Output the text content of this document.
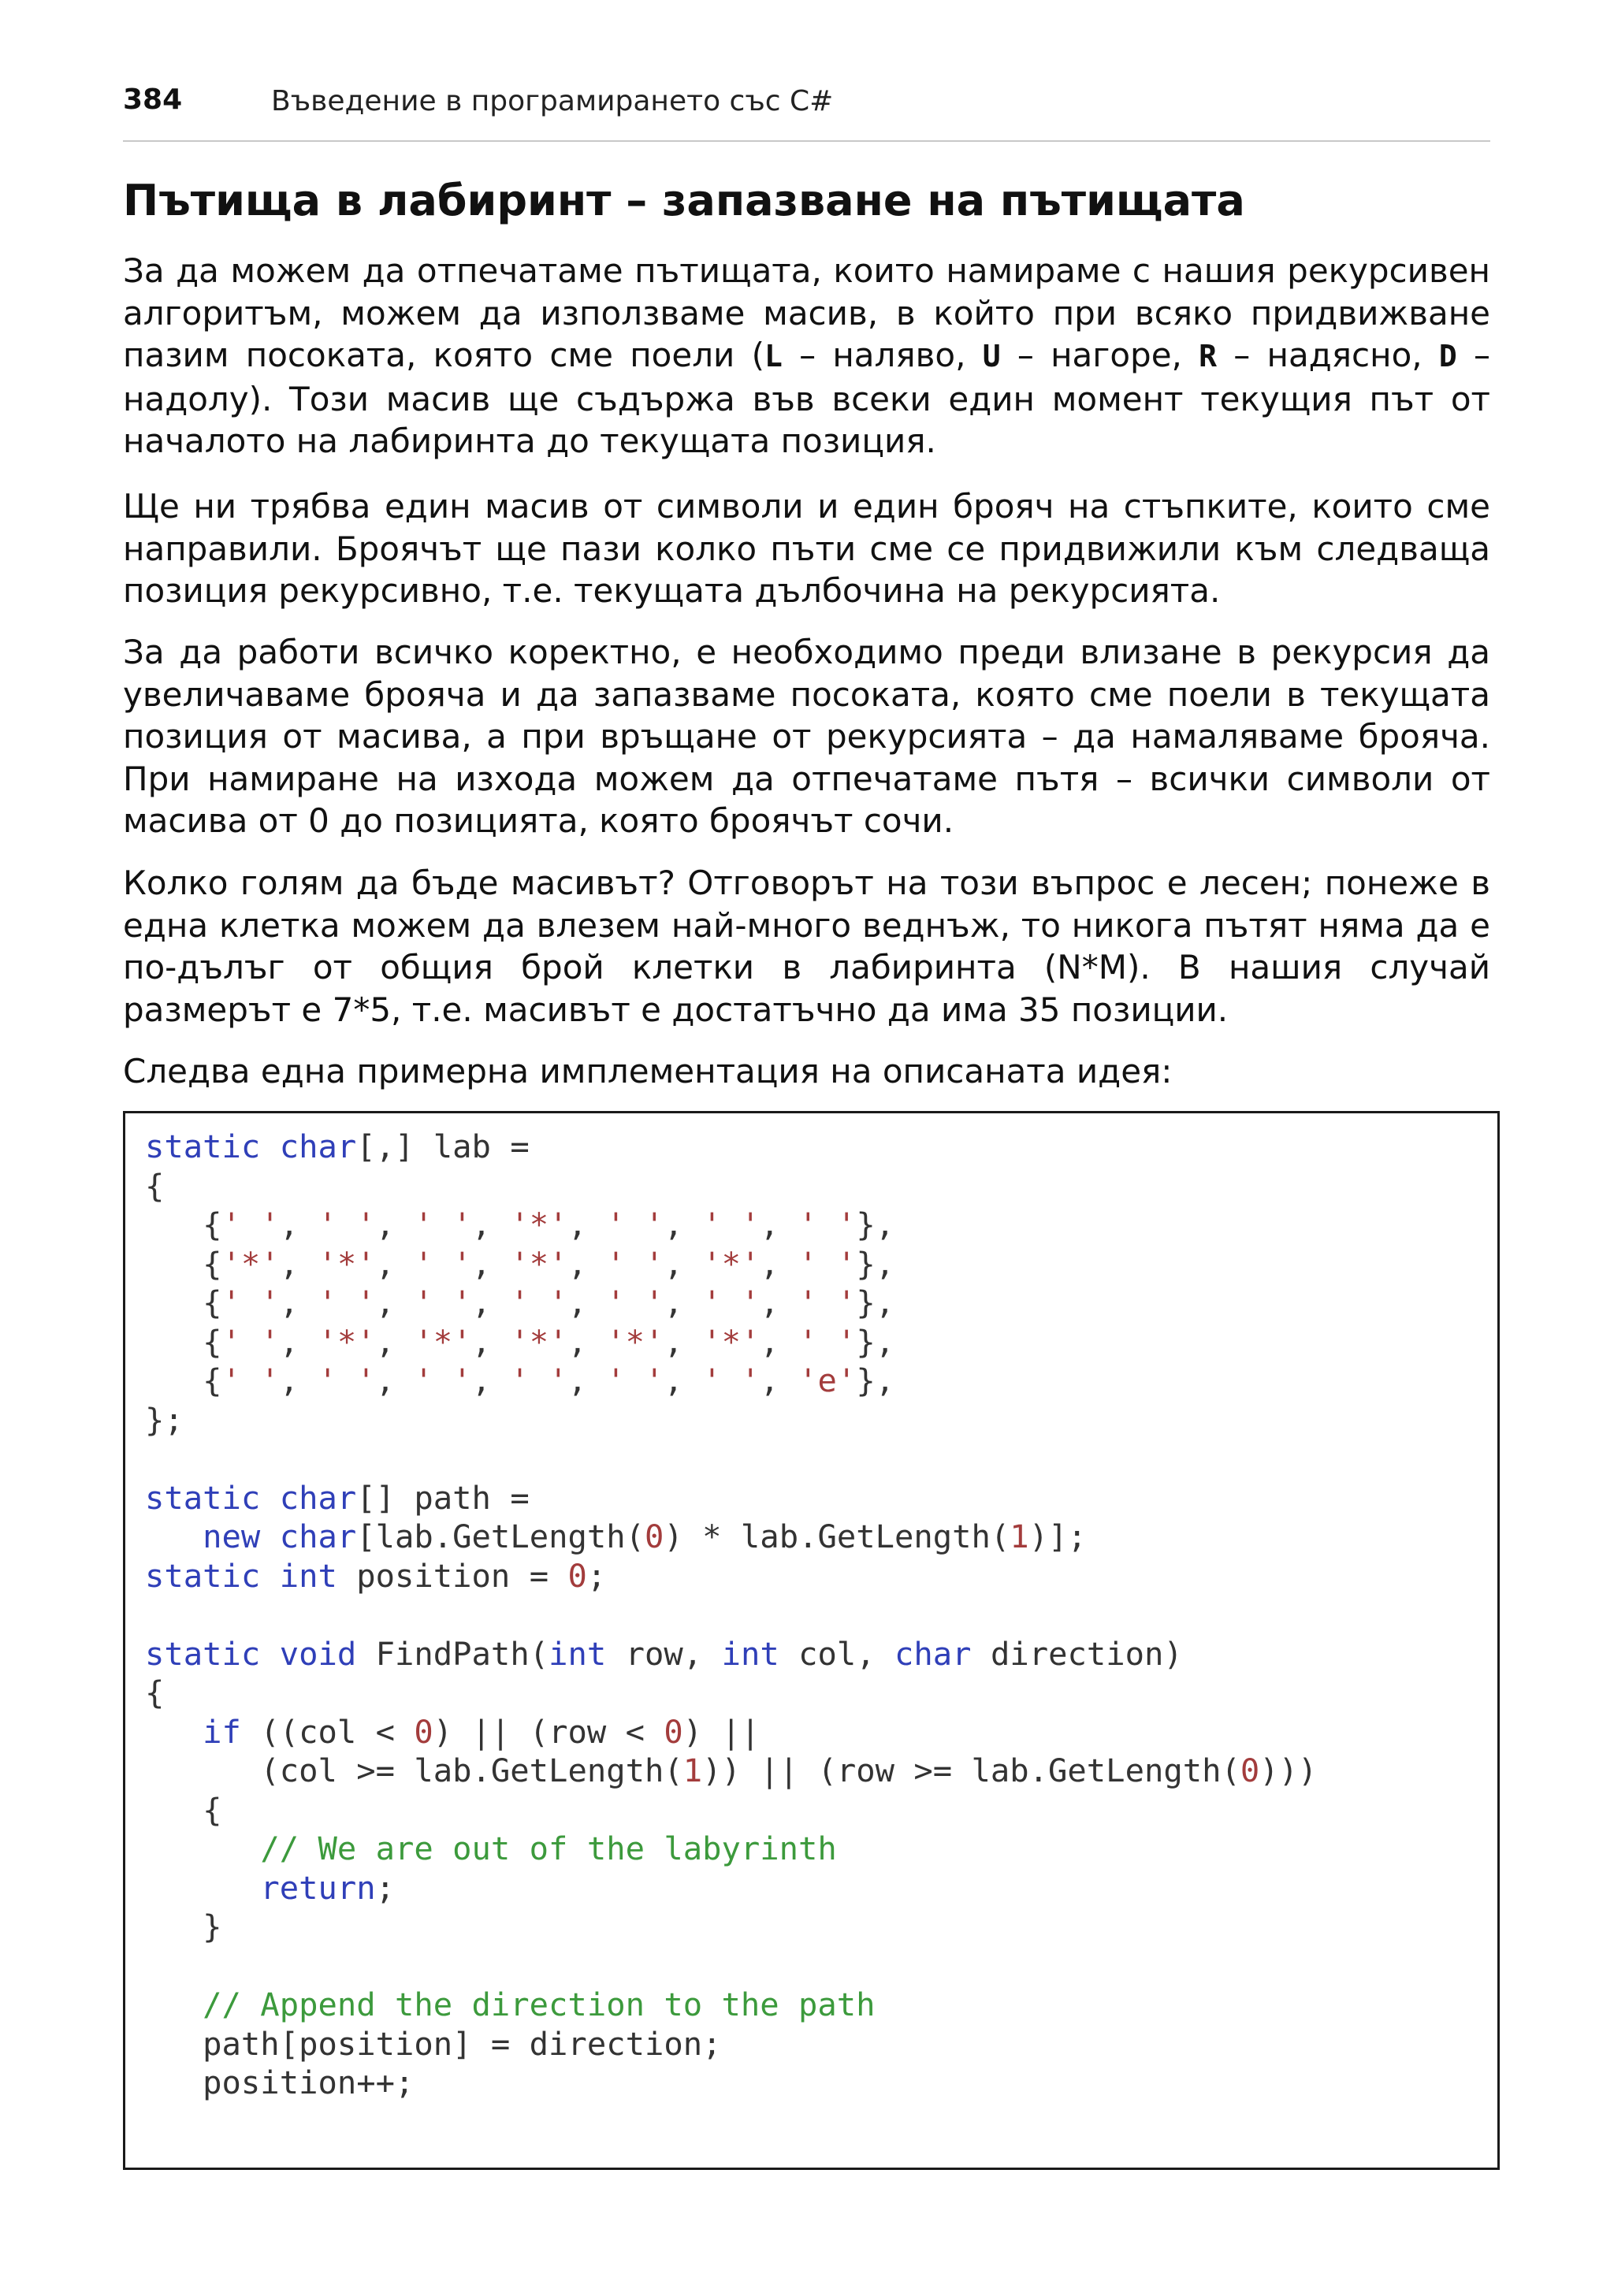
384	Въведение в програмирането със C#
Пътища в лабиринт – запазване на пътищата

За да можем да отпечатаме пътищата, които намираме с нашия рекурсивен алгоритъм, можем да използваме масив, в който при всяко придвижване пазим посоката, която сме поели (L – наляво, U – нагоре, R – надясно, D – надолу). Този масив ще съдържа във всеки един момент текущия път от началото на лабиринта до текущата позиция.

Ще ни трябва един масив от символи и един брояч на стъпките, които сме направили. Броячът ще пази колко пъти сме се придвижили към следваща позиция рекурсивно, т.е. текущата дълбочина на рекурсията.

За да работи всичко коректно, е необходимо преди влизане в рекурсия да увеличаваме брояча и да запазваме посоката, която сме поели в текущата позиция от масива, а при връщане от рекурсията – да намаляваме брояча. При намиране на изхода можем да отпечатаме пътя – всички символи от масива от 0 до позицията, която броячът сочи.

Колко голям да бъде масивът? Отговорът на този въпрос е лесен; понеже в една клетка можем да влезем най-много веднъж, то никога пътят няма да е по-дълъг от общия брой клетки в лабиринта (N*M). В нашия случай размерът е 7*5, т.е. масивът е достатъчно да има 35 позиции.

Следва една примерна имплементация на описаната идея:

static char[,] lab =
{
{' ', ' ', ' ', '*', ' ', ' ', ' '},
{'*', '*', ' ', '*', ' ', '*', ' '},
{' ', ' ', ' ', ' ', ' ', ' ', ' '},
{' ', '*', '*', '*', '*', '*', ' '},
{' ', ' ', ' ', ' ', ' ', ' ', 'e'},
};

static char[] path =
new char[lab.GetLength(0) * lab.GetLength(1)];
static int position = 0;

static void FindPath(int row, int col, char direction)
{
if ((col < 0) || (row < 0) ||
(col >= lab.GetLength(1)) || (row >= lab.GetLength(0)))
{
// We are out of the labyrinth
return;
}

// Append the direction to the path
path[position] = direction;
position++;
